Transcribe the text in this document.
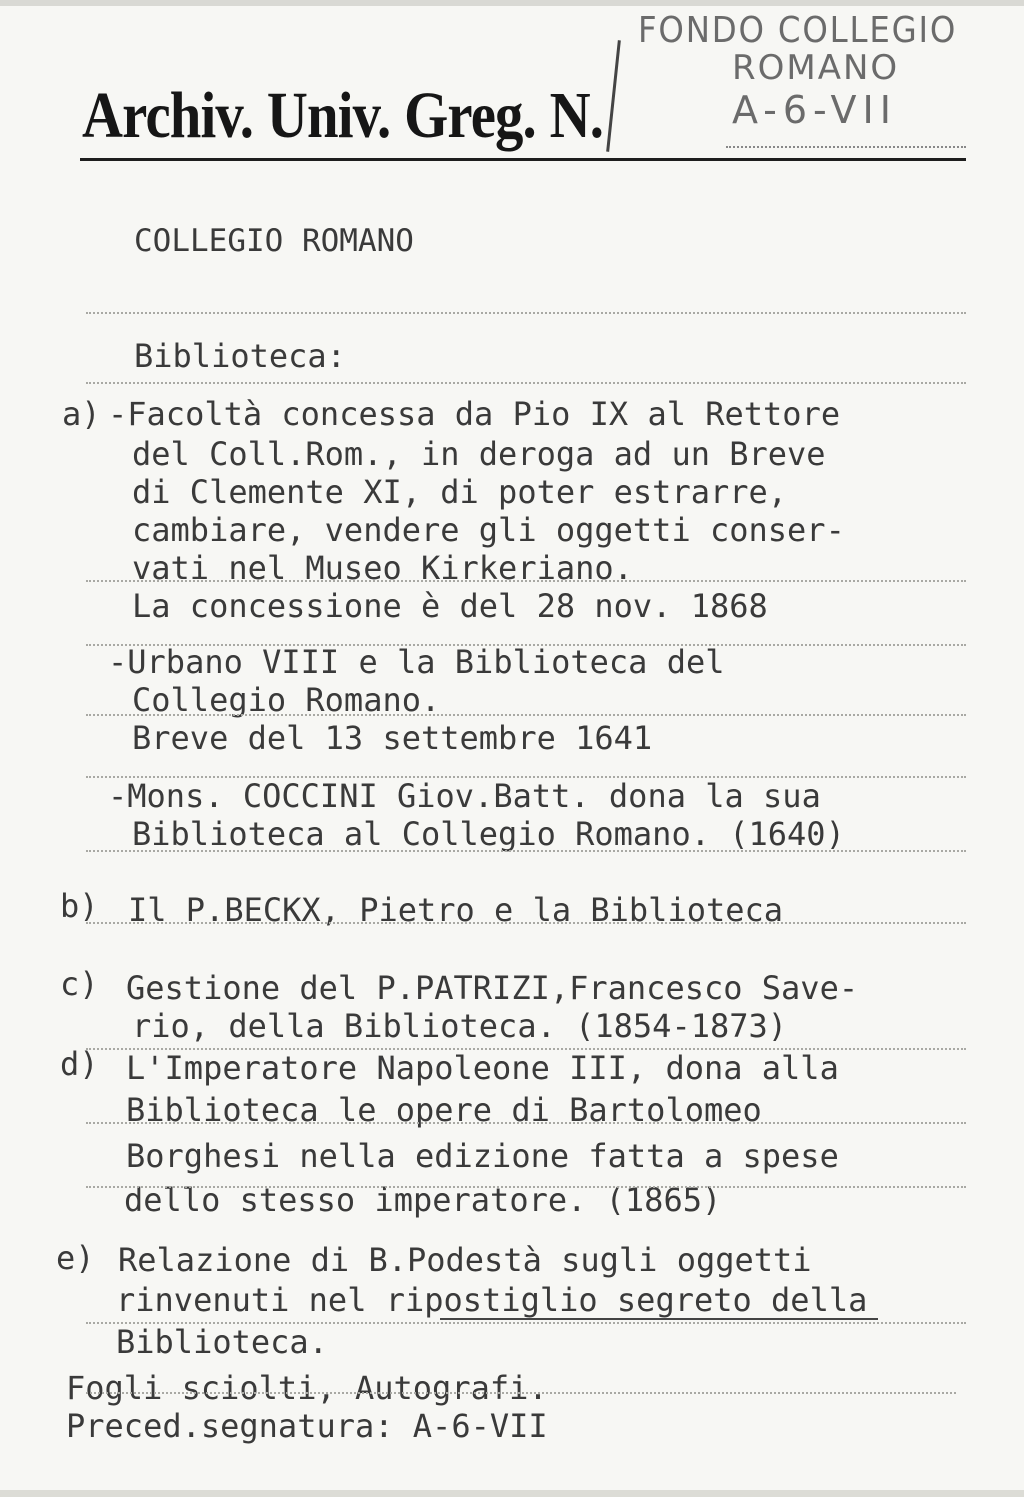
Archiv. Univ. Greg. N.
FONDO COLLEGIO
ROMANO
A-6-VII
COLLEGIO ROMANO
Biblioteca:
a) -Facoltà concessa da Pio IX al Rettore
del Coll.Rom., in deroga ad un Breve
di Clemente XI, di poter estrarre,
cambiare, vendere gli oggetti conser-
vati nel Museo Kirkeriano.
La concessione è del 28 nov. 1868
-Urbano VIII e la Biblioteca del
Collegio Romano.
Breve del 13 settembre 1641
-Mons. COCCINI Giov.Batt. dona la sua
Biblioteca al Collegio Romano. (1640)
b) Il P.BECKX, Pietro e la Biblioteca
c) Gestione del P.PATRIZI,Francesco Save-
rio, della Biblioteca. (1854-1873)
d) L'Imperatore Napoleone III, dona alla
Biblioteca le opere di Bartolomeo
Borghesi nella edizione fatta a spese
dello stesso imperatore. (1865)
e) Relazione di B.Podestà sugli oggetti
rinvenuti nel ripostiglio segreto della
Biblioteca.
Fogli sciolti, Autografi.
Preced.segnatura: A-6-VII
